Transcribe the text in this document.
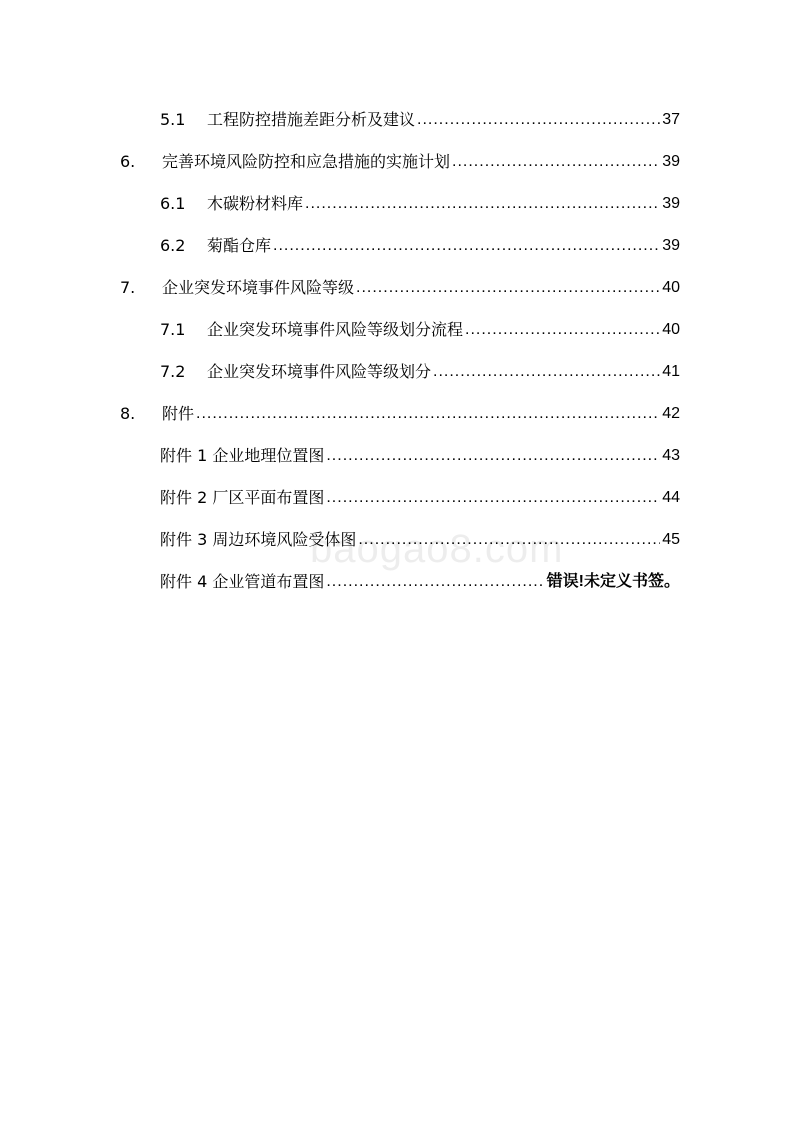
5.1	工程防控措施差距分析及建议 .....	37
6.	完善环境风险防控和应急措施的实施计划 .....	39
6.1	木碳粉材料库 .....	39
6.2	菊酯仓库 .....	39
7.	企业突发环境事件风险等级 .....	40
7.1	企业突发环境事件风险等级划分流程 .....	40
7.2	企业突发环境事件风险等级划分 .....	41
8.	附件 .....	42
附件 1 企业地理位置图 .....	43
附件 2 厂区平面布置图 .....	44
附件 3 周边环境风险受体图 .....	45
附件 4 企业管道布置图 .....	错误!未定义书签。
baogao8.com
